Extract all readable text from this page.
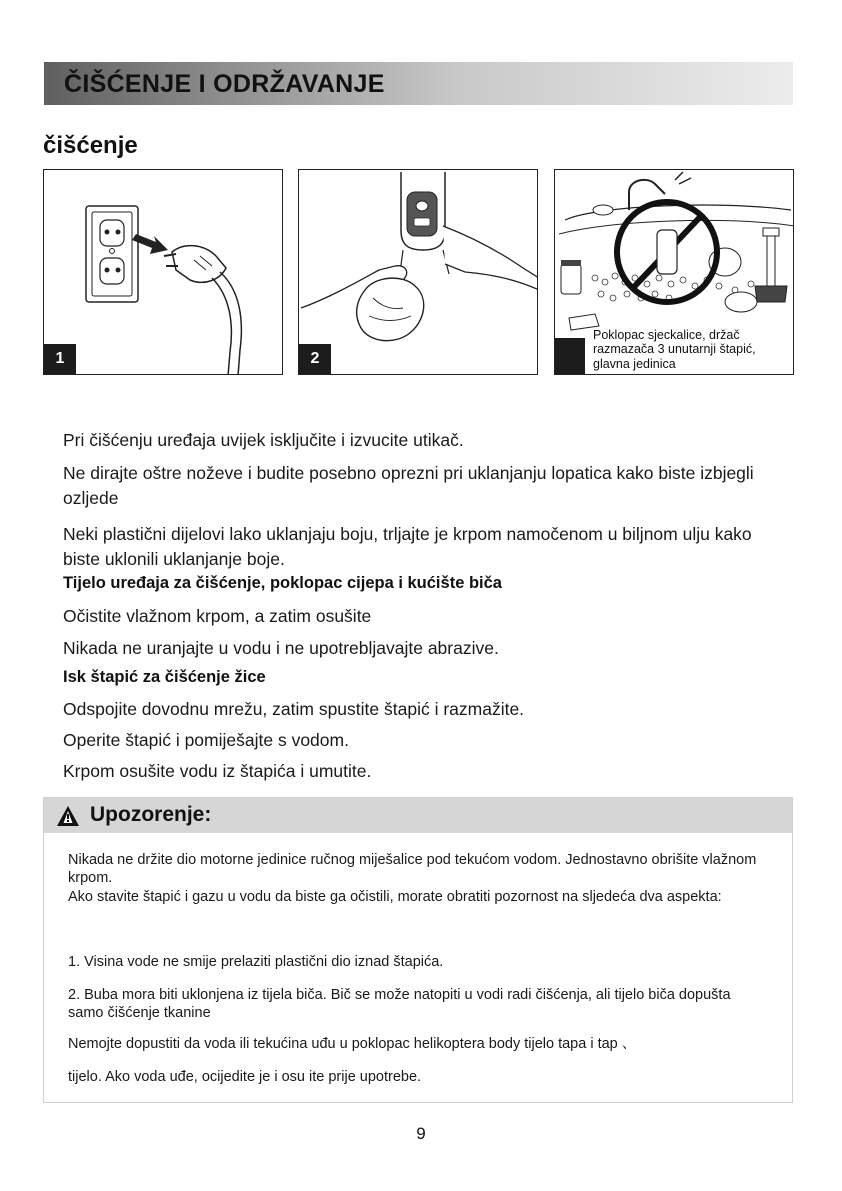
ČIŠĆENJE I ODRŽAVANJE
čišćenje
1	2
Poklopac sjeckalice, držač razmazača 3 unutarnji štapić, glavna jedinica
Pri čišćenju uređaja uvijek isključite i izvucite utikač.
Ne dirajte oštre noževe i budite posebno oprezni pri uklanjanju lopatica kako biste izbjegli ozljede
Neki plastični dijelovi lako uklanjaju boju, trljajte je krpom namočenom u biljnom ulju kako biste uklonili uklanjanje boje.
Tijelo uređaja za čišćenje, poklopac cijepa i kućište biča
Očistite vlažnom krpom, a zatim osušite
Nikada ne uranjajte u vodu i ne upotrebljavajte abrazive.
Isk štapić za čišćenje žice
Odspojite dovodnu mrežu, zatim spustite štapić i razmažite.
Operite štapić i pomiješajte s vodom.
Krpom osušite vodu iz štapića i umutite.
Upozorenje:
Nikada ne držite dio motorne jedinice ručnog miješalice pod tekućom vodom. Jednostavno obrišite vlažnom krpom.
Ako stavite štapić i gazu u vodu da biste ga očistili, morate obratiti pozornost na sljedeća dva aspekta:
1. Visina vode ne smije prelaziti plastični dio iznad štapića.
2. Buba mora biti uklonjena iz tijela biča. Bič se može natopiti u vodi radi čišćenja, ali tijelo biča dopušta samo čišćenje tkanine
Nemojte dopustiti da voda ili tekućina uđu u poklopac helikoptera body tijelo tapa i tap 、
tijelo. Ako voda uđe, ocijedite je i osu ite prije upotrebe.
9
